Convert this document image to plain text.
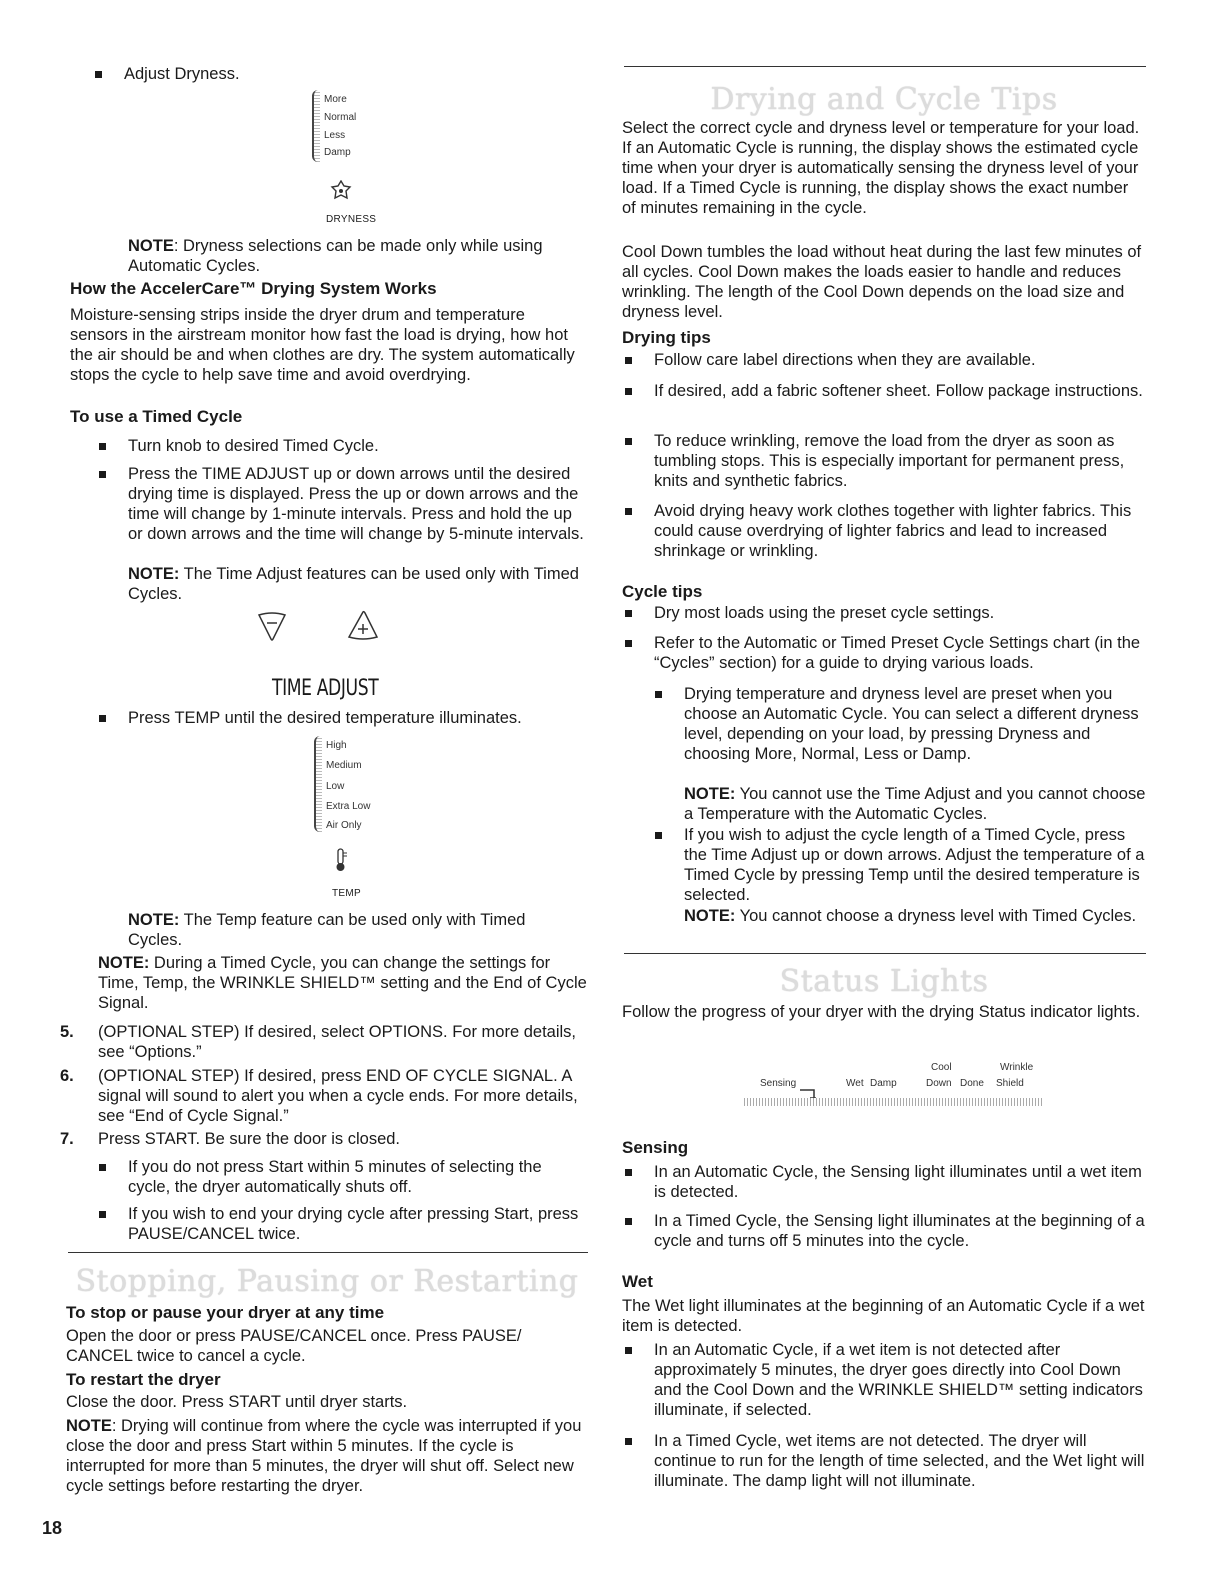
Adjust Dryness.

More
Normal
Less
Damp
DRYNESS

NOTE: Dryness selections can be made only while using Automatic Cycles.

How the AccelerCare™ Drying System Works

Moisture-sensing strips inside the dryer drum and temperature sensors in the airstream monitor how fast the load is drying, how hot the air should be and when clothes are dry. The system automatically stops the cycle to help save time and avoid overdrying.

To use a Timed Cycle

Turn knob to desired Timed Cycle.

Press the TIME ADJUST up or down arrows until the desired drying time is displayed. Press the up or down arrows and the time will change by 1-minute intervals. Press and hold the up or down arrows and the time will change by 5-minute intervals.

NOTE: The Time Adjust features can be used only with Timed Cycles.

TIME ADJUST

Press TEMP until the desired temperature illuminates.

High
Medium
Low
Extra Low
Air Only
TEMP

NOTE: The Temp feature can be used only with Timed Cycles.

NOTE: During a Timed Cycle, you can change the settings for Time, Temp, the WRINKLE SHIELD™ setting and the End of Cycle Signal.

5. (OPTIONAL STEP) If desired, select OPTIONS. For more details, see “Options.”

6. (OPTIONAL STEP) If desired, press END OF CYCLE SIGNAL. A signal will sound to alert you when a cycle ends. For more details, see “End of Cycle Signal.”

7. Press START. Be sure the door is closed.

If you do not press Start within 5 minutes of selecting the cycle, the dryer automatically shuts off.

If you wish to end your drying cycle after pressing Start, press PAUSE/CANCEL twice.

Stopping, Pausing or Restarting
To stop or pause your dryer at any time

Open the door or press PAUSE/CANCEL once. Press PAUSE/ CANCEL twice to cancel a cycle.

To restart the dryer

Close the door. Press START until dryer starts.

NOTE: Drying will continue from where the cycle was interrupted if you close the door and press Start within 5 minutes. If the cycle is interrupted for more than 5 minutes, the dryer will shut off. Select new cycle settings before restarting the dryer.

18
Drying and Cycle Tips

Select the correct cycle and dryness level or temperature for your load. If an Automatic Cycle is running, the display shows the estimated cycle time when your dryer is automatically sensing the dryness level of your load. If a Timed Cycle is running, the display shows the exact number of minutes remaining in the cycle.

Cool Down tumbles the load without heat during the last few minutes of all cycles. Cool Down makes the loads easier to handle and reduces wrinkling. The length of the Cool Down depends on the load size and dryness level.

Drying tips

Follow care label directions when they are available.

If desired, add a fabric softener sheet. Follow package instructions.

To reduce wrinkling, remove the load from the dryer as soon as tumbling stops. This is especially important for permanent press, knits and synthetic fabrics.

Avoid drying heavy work clothes together with lighter fabrics. This could cause overdrying of lighter fabrics and lead to increased shrinkage or wrinkling.

Cycle tips

Dry most loads using the preset cycle settings.

Refer to the Automatic or Timed Preset Cycle Settings chart (in the “Cycles” section) for a guide to drying various loads.

Drying temperature and dryness level are preset when you choose an Automatic Cycle. You can select a different dryness level, depending on your load, by pressing Dryness and choosing More, Normal, Less or Damp.

NOTE: You cannot use the Time Adjust and you cannot choose a Temperature with the Automatic Cycles.

If you wish to adjust the cycle length of a Timed Cycle, press the Time Adjust up or down arrows. Adjust the temperature of a Timed Cycle by pressing Temp until the desired temperature is selected.

NOTE: You cannot choose a dryness level with Timed Cycles.

Status Lights

Follow the progress of your dryer with the drying Status indicator lights.

Sensing	Wet Damp
Cool
Down Done
Wrinkle
Shield
Sensing

In an Automatic Cycle, the Sensing light illuminates until a wet item is detected.

In a Timed Cycle, the Sensing light illuminates at the beginning of a cycle and turns off 5 minutes into the cycle.

Wet

The Wet light illuminates at the beginning of an Automatic Cycle if a wet item is detected.

In an Automatic Cycle, if a wet item is not detected after approximately 5 minutes, the dryer goes directly into Cool Down and the Cool Down and the WRINKLE SHIELD™ setting indicators illuminate, if selected.

In a Timed Cycle, wet items are not detected. The dryer will continue to run for the length of time selected, and the Wet light will illuminate. The damp light will not illuminate.
